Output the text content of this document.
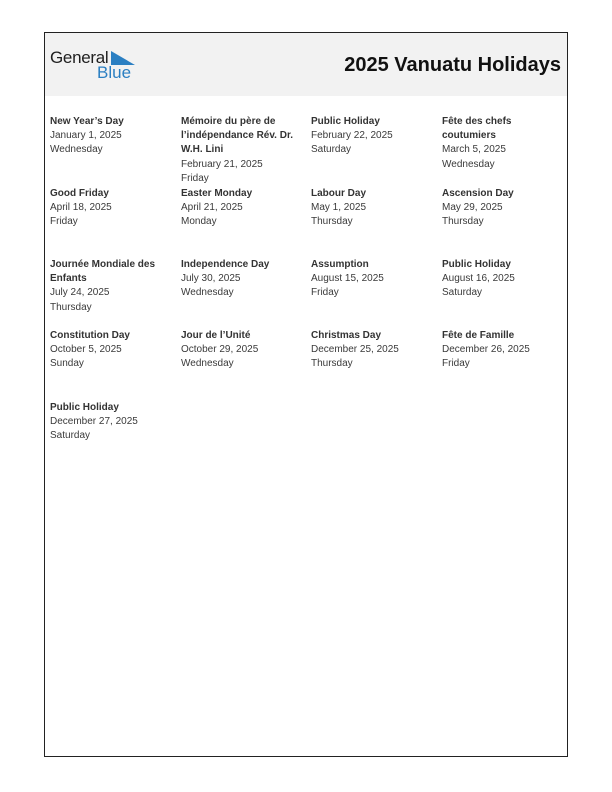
General
Blue	2025 Vanuatu Holidays
New Year’s Day
January 1, 2025
Wednesday
Mémoire du père de l’indépendance Rév. Dr. W.H. Lini
February 21, 2025
Friday
Public Holiday
February 22, 2025
Saturday
Fête des chefs coutumiers
March 5, 2025
Wednesday
Good Friday
April 18, 2025
Friday
Easter Monday
April 21, 2025
Monday
Labour Day
May 1, 2025
Thursday
Ascension Day
May 29, 2025
Thursday
Journée Mondiale des Enfants
July 24, 2025
Thursday
Independence Day
July 30, 2025
Wednesday
Assumption
August 15, 2025
Friday
Public Holiday
August 16, 2025
Saturday
Constitution Day
October 5, 2025
Sunday
Jour de l’Unité
October 29, 2025
Wednesday
Christmas Day
December 25, 2025
Thursday
Fête de Famille
December 26, 2025
Friday
Public Holiday
December 27, 2025
Saturday
